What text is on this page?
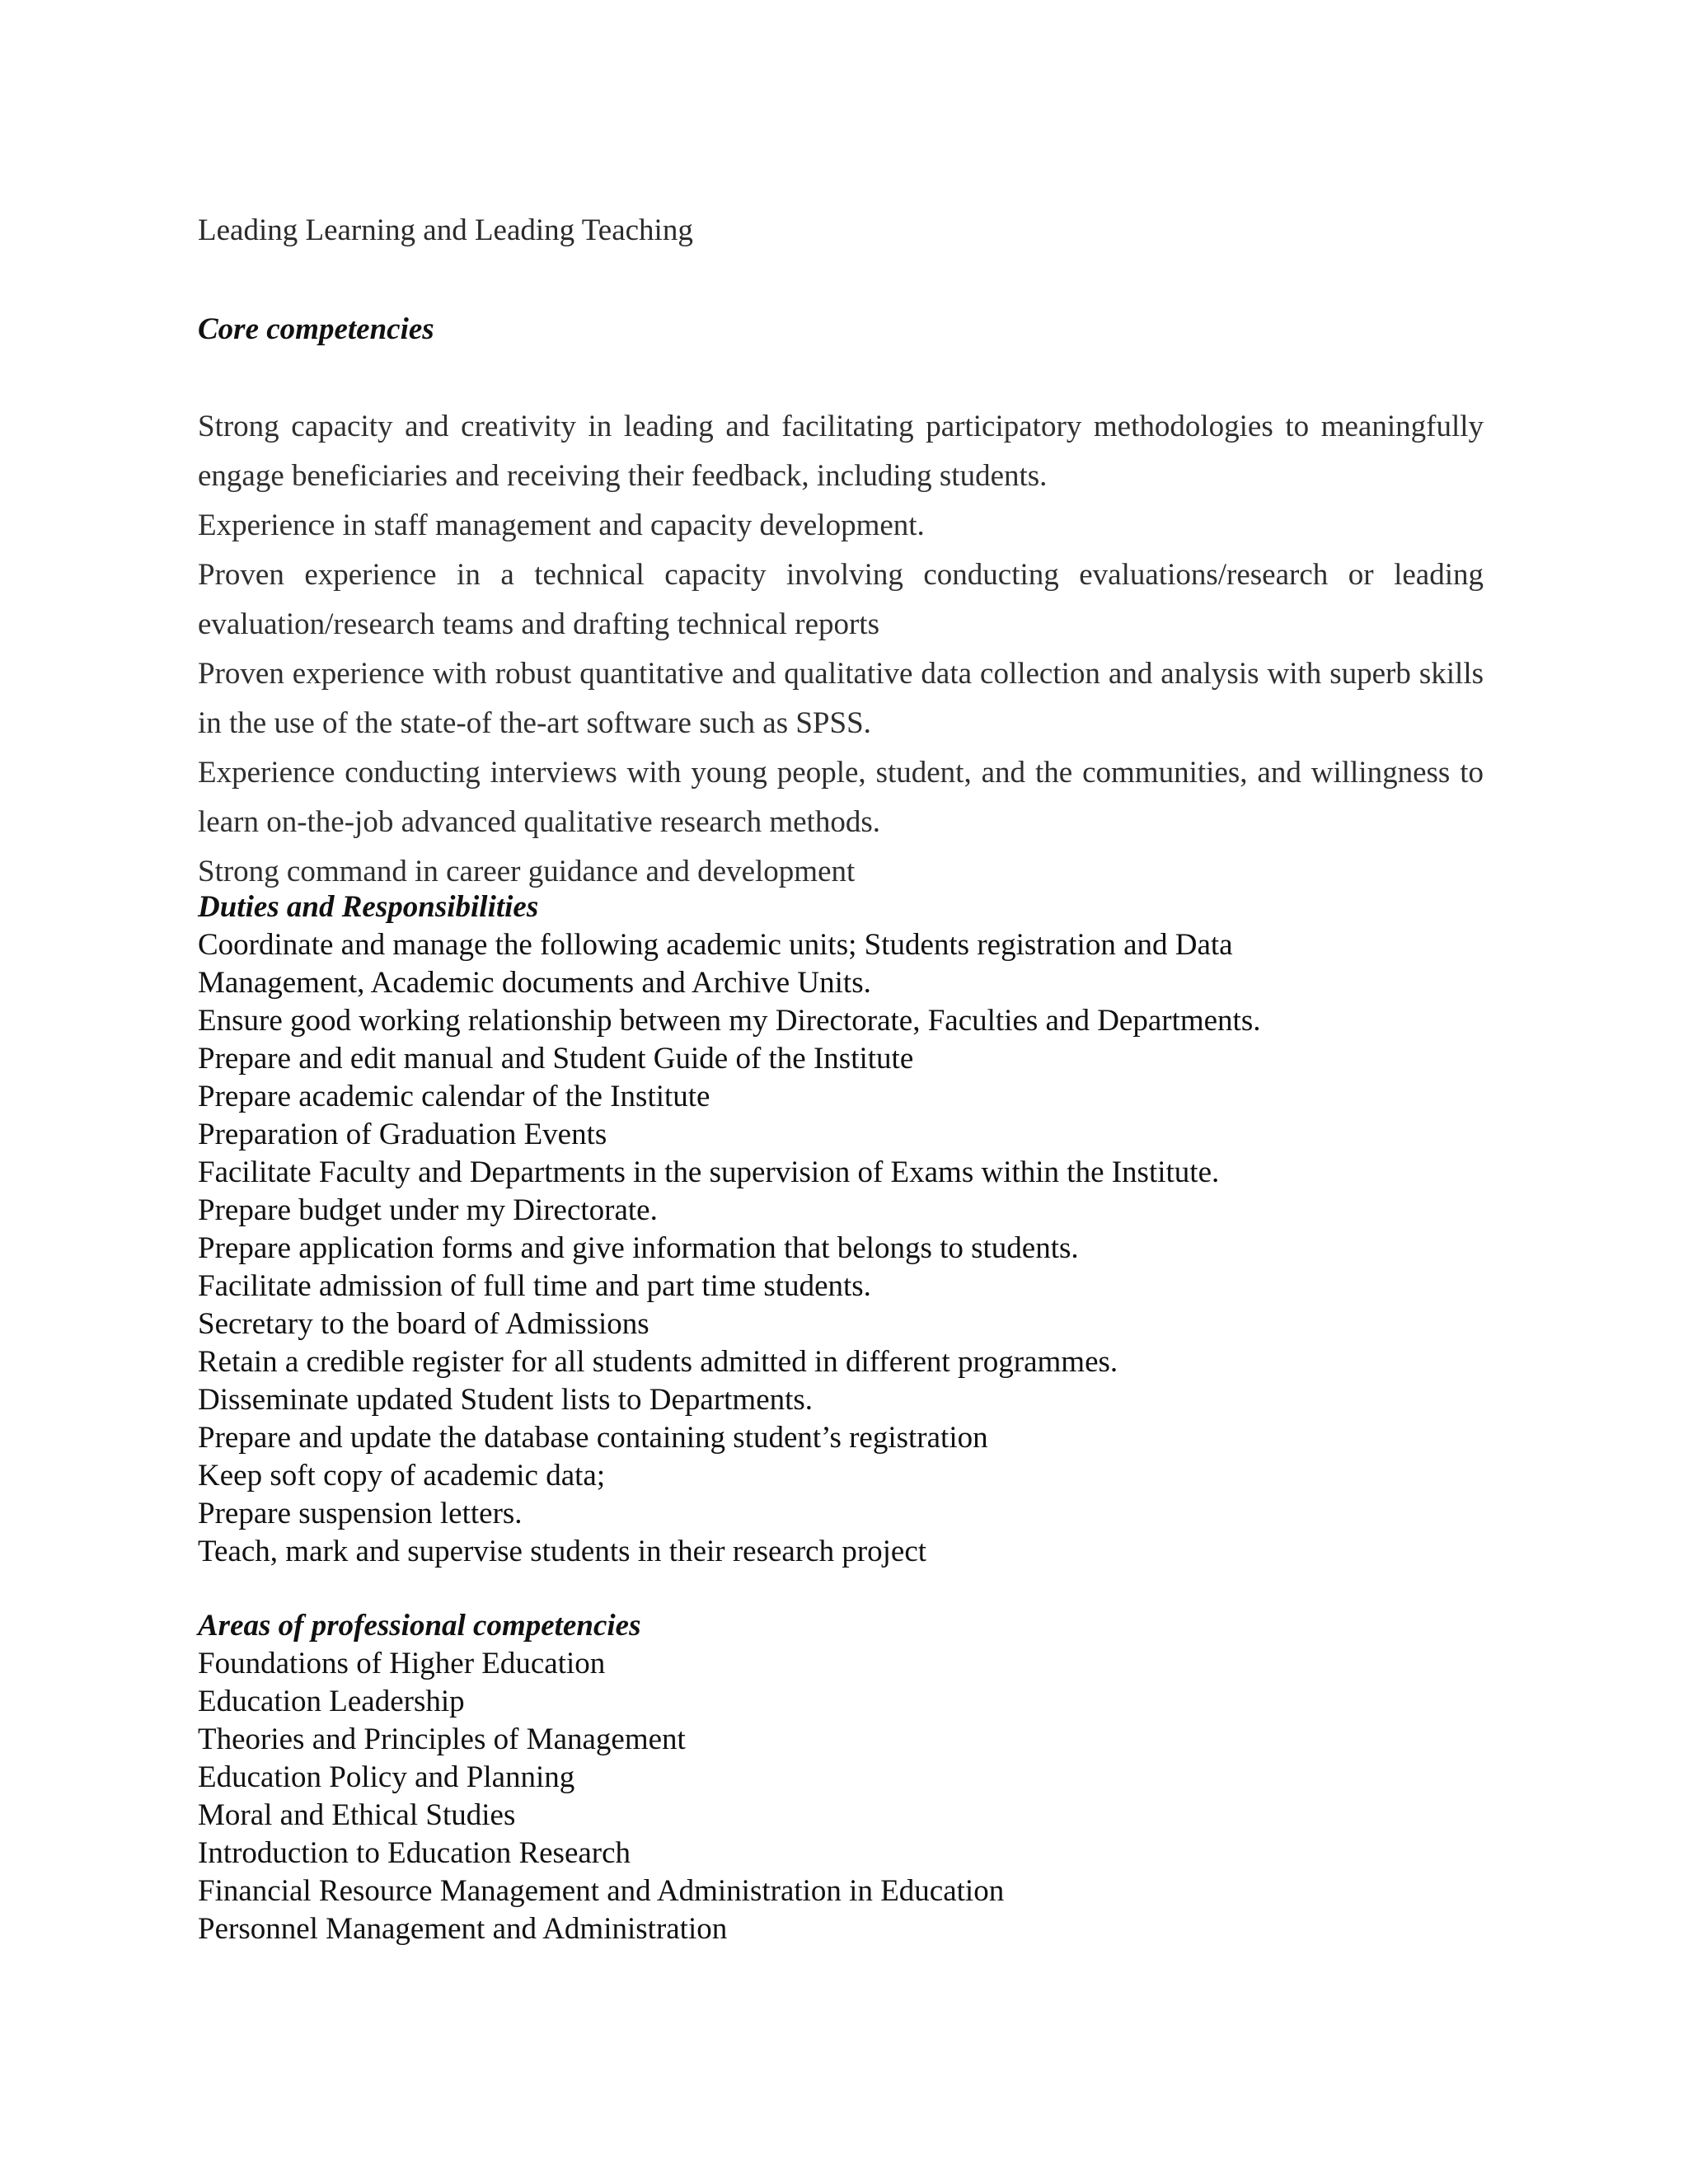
Leading Learning and Leading Teaching
Core competencies
Strong capacity and creativity in leading and facilitating participatory methodologies to meaningfully engage beneficiaries and receiving their feedback, including students.
Experience in staff management and capacity development.
Proven experience in a technical capacity involving conducting evaluations/research or leading evaluation/research teams and drafting technical reports
Proven experience with robust quantitative and qualitative data collection and analysis with superb skills in the use of the state-of the-art software such as SPSS.
Experience conducting interviews with young people, student, and the communities, and willingness to learn on-the-job advanced qualitative research methods.
Strong command in career guidance and development
Duties and Responsibilities
Coordinate and manage the following academic units; Students registration and Data
Management, Academic documents and Archive Units.
Ensure good working relationship between my Directorate, Faculties and Departments.
Prepare and edit manual and Student Guide of the Institute
Prepare academic calendar of the Institute
Preparation of Graduation Events
Facilitate Faculty and Departments in the supervision of Exams within the Institute.
Prepare budget under my Directorate.
Prepare application forms and give information that belongs to students.
Facilitate admission of full time and part time students.
Secretary to the board of Admissions
Retain a credible register for all students admitted in different programmes.
Disseminate updated Student lists to Departments.
Prepare and update the database containing student’s registration
Keep soft copy of academic data;
Prepare suspension letters.
Teach, mark and supervise students in their research project
Areas of professional competencies
Foundations of Higher Education
Education Leadership
Theories and Principles of Management
Education Policy and Planning
Moral and Ethical Studies
Introduction to Education Research
Financial Resource Management and Administration in Education
Personnel Management and Administration
